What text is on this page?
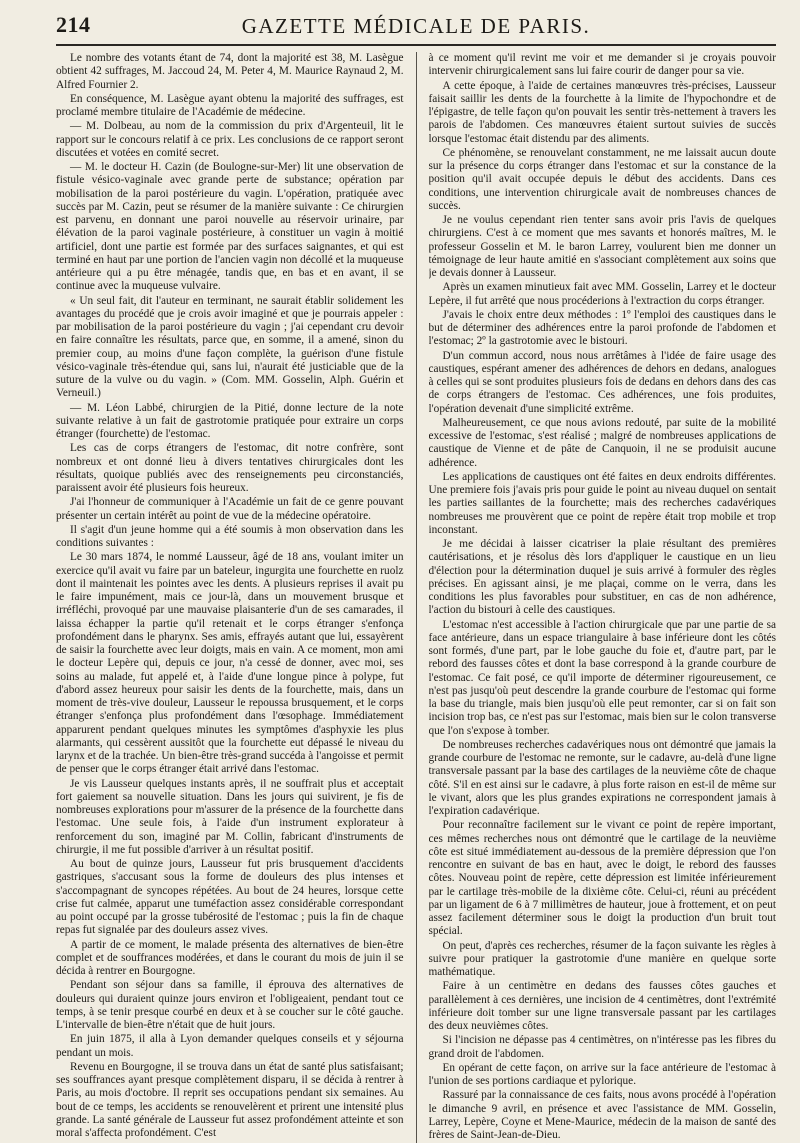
214	GAZETTE MÉDICALE DE PARIS.

Le nombre des votants étant de 74, dont la majorité est 38, M. Lasègue obtient 42 suffrages, M. Jaccoud 24, M. Peter 4, M. Maurice Raynaud 2, M. Alfred Fournier 2.

En conséquence, M. Lasègue ayant obtenu la majorité des suffrages, est proclamé membre titulaire de l'Académie de médecine.

— M. Dolbeau, au nom de la commission du prix d'Argenteuil, lit le rapport sur le concours relatif à ce prix. Les conclusions de ce rapport seront discutées et votées en comité secret.

— M. le docteur H. Cazin (de Boulogne-sur-Mer) lit une observation de fistule vésico-vaginale avec grande perte de substance; opération par mobilisation de la paroi postérieure du vagin. L'opération, pratiquée avec succès par M. Cazin, peut se résumer de la manière suivante : Ce chirurgien est parvenu, en donnant une paroi nouvelle au réservoir urinaire, par élévation de la paroi vaginale postérieure, à constituer un vagin à moitié artificiel, dont une partie est formée par des surfaces saignantes, et qui est terminé en haut par une portion de l'ancien vagin non décollé et la muqueuse antérieure qui a pu être ménagée, tandis que, en bas et en avant, il se continue avec la muqueuse vulvaire.

« Un seul fait, dit l'auteur en terminant, ne saurait établir solidement les avantages du procédé que je crois avoir imaginé et que je pourrais appeler : par mobilisation de la paroi postérieure du vagin ; j'ai cependant cru devoir en faire connaître les résultats, parce que, en somme, il a amené, sinon du premier coup, au moins d'une façon complète, la guérison d'une fistule vésico-vaginale très-étendue qui, sans lui, n'aurait été justiciable que de la suture de la vulve ou du vagin. » (Com. MM. Gosselin, Alph. Guérin et Verneuil.)

— M. Léon Labbé, chirurgien de la Pitié, donne lecture de la note suivante relative à un fait de gastrotomie pratiquée pour extraire un corps étranger (fourchette) de l'estomac.

Les cas de corps étrangers de l'estomac, dit notre confrère, sont nombreux et ont donné lieu à divers tentatives chirurgicales dont les résultats, quoique publiés avec des renseignements peu circonstanciés, paraissent avoir été plusieurs fois heureux.

J'ai l'honneur de communiquer à l'Académie un fait de ce genre pouvant présenter un certain intérêt au point de vue de la médecine opératoire.

Il s'agit d'un jeune homme qui a été soumis à mon observation dans les conditions suivantes :

Le 30 mars 1874, le nommé Lausseur, âgé de 18 ans, voulant imiter un exercice qu'il avait vu faire par un bateleur, ingurgita une fourchette en ruolz dont il maintenait les pointes avec les dents. A plusieurs reprises il avait pu le faire impunément, mais ce jour-là, dans un mouvement brusque et irréfléchi, provoqué par une mauvaise plaisanterie d'un de ses camarades, il laissa échapper la partie qu'il retenait et le corps étranger s'enfonça profondément dans le pharynx. Ses amis, effrayés autant que lui, essayèrent de saisir la fourchette avec leur doigts, mais en vain. A ce moment, mon ami le docteur Lepère qui, depuis ce jour, n'a cessé de donner, avec moi, ses soins au malade, fut appelé et, à l'aide d'une longue pince à polype, fut d'abord assez heureux pour saisir les dents de la fourchette, mais, dans un moment de très-vive douleur, Lausseur le repoussa brusquement, et le corps étranger s'enfonça plus profondément dans l'œsophage. Immédiatement apparurent pendant quelques minutes les symptômes d'asphyxie les plus alarmants, qui cessèrent aussitôt que la fourchette eut dépassé le niveau du larynx et de la trachée. Un bien-être très-grand succéda à l'angoisse et permit de penser que le corps étranger était arrivé dans l'estomac.

Je vis Lausseur quelques instants après, il ne souffrait plus et acceptait fort gaiement sa nouvelle situation. Dans les jours qui suivirent, je fis de nombreuses explorations pour m'assurer de la présence de la fourchette dans l'estomac. Une seule fois, à l'aide d'un instrument explorateur à renforcement du son, imaginé par M. Collin, fabricant d'instruments de chirurgie, il me fut possible d'arriver à un résultat positif.

Au bout de quinze jours, Lausseur fut pris brusquement d'accidents gastriques, s'accusant sous la forme de douleurs des plus intenses et s'accompagnant de syncopes répétées. Au bout de 24 heures, lorsque cette crise fut calmée, apparut une tuméfaction assez considérable correspondant au point occupé par la grosse tubérosité de l'estomac ; puis la fin de chaque repas fut signalée par des douleurs assez vives.

A partir de ce moment, le malade présenta des alternatives de bien-être complet et de souffrances modérées, et dans le courant du mois de juin il se décida à rentrer en Bourgogne.

Pendant son séjour dans sa famille, il éprouva des alternatives de douleurs qui duraient quinze jours environ et l'obligeaient, pendant tout ce temps, à se tenir presque courbé en deux et à se coucher sur le côté gauche. L'intervalle de bien-être n'était que de huit jours.

En juin 1875, il alla à Lyon demander quelques conseils et y séjourna pendant un mois.

Revenu en Bourgogne, il se trouva dans un état de santé plus satisfaisant; ses souffrances ayant presque complètement disparu, il se décida à rentrer à Paris, au mois d'octobre. Il reprit ses occupations pendant six semaines. Au bout de ce temps, les accidents se renouvelèrent et prirent une intensité plus grande. La santé générale de Lausseur fut assez profondément atteinte et son moral s'affecta profondément. C'est

à ce moment qu'il revint me voir et me demander si je croyais pouvoir intervenir chirurgicalement sans lui faire courir de danger pour sa vie.

A cette époque, à l'aide de certaines manœuvres très-précises, Lausseur faisait saillir les dents de la fourchette à la limite de l'hypochondre et de l'épigastre, de telle façon qu'on pouvait les sentir très-nettement à travers les parois de l'abdomen. Ces manœuvres étaient surtout suivies de succès lorsque l'estomac était distendu par des aliments.

Ce phénomène, se renouvelant constamment, ne me laissait aucun doute sur la présence du corps étranger dans l'estomac et sur la constance de la position qu'il avait occupée depuis le début des accidents. Dans ces conditions, une intervention chirurgicale avait de nombreuses chances de succès.

Je ne voulus cependant rien tenter sans avoir pris l'avis de quelques chirurgiens. C'est à ce moment que mes savants et honorés maîtres, M. le professeur Gosselin et M. le baron Larrey, voulurent bien me donner un témoignage de leur haute amitié en s'associant complètement aux soins que je devais donner à Lausseur.

Après un examen minutieux fait avec MM. Gosselin, Larrey et le docteur Lepère, il fut arrêté que nous procéderions à l'extraction du corps étranger.

J'avais le choix entre deux méthodes : 1º l'emploi des caustiques dans le but de déterminer des adhérences entre la paroi profonde de l'abdomen et l'estomac; 2º la gastrotomie avec le bistouri.

D'un commun accord, nous nous arrêtâmes à l'idée de faire usage des caustiques, espérant amener des adhérences de dehors en dedans, analogues à celles qui se sont produites plusieurs fois de dedans en dehors dans des cas de corps étrangers de l'estomac. Ces adhérences, une fois produites, l'opération devenait d'une simplicité extrême.

Malheureusement, ce que nous avions redouté, par suite de la mobilité excessive de l'estomac, s'est réalisé ; malgré de nombreuses applications de caustique de Vienne et de pâte de Canquoin, il ne se produisit aucune adhérence.

Les applications de caustiques ont été faites en deux endroits différentes. Une premiere fois j'avais pris pour guide le point au niveau duquel on sentait les parties saillantes de la fourchette; mais des recherches cadavériques nombreuses me prouvèrent que ce point de repère était trop mobile et trop inconstant.

Je me décidai à laisser cicatriser la plaie résultant des premières cautérisations, et je résolus dès lors d'appliquer le caustique en un lieu d'élection pour la détermination duquel je suis arrivé à formuler des règles précises. En agissant ainsi, je me plaçai, comme on le verra, dans les conditions les plus favorables pour substituer, en cas de non adhérence, l'action du bistouri à celle des caustiques.

L'estomac n'est accessible à l'action chirurgicale que par une partie de sa face antérieure, dans un espace triangulaire à base inférieure dont les côtés sont formés, d'une part, par le lobe gauche du foie et, d'autre part, par le rebord des fausses côtes et dont la base correspond à la grande courbure de l'estomac. Ce fait posé, ce qu'il importe de déterminer rigoureusement, ce n'est pas jusqu'où peut descendre la grande courbure de l'estomac qui forme la base du triangle, mais bien jusqu'où elle peut remonter, car si on fait son incision trop bas, ce n'est pas sur l'estomac, mais bien sur le colon transverse que l'on s'expose à tomber.

De nombreuses recherches cadavériques nous ont démontré que jamais la grande courbure de l'estomac ne remonte, sur le cadavre, au-delà d'une ligne transversale passant par la base des cartilages de la neuvième côte de chaque côté. S'il en est ainsi sur le cadavre, à plus forte raison en est-il de même sur le vivant, alors que les plus grandes expirations ne correspondent jamais à l'expiration cadavérique.

Pour reconnaître facilement sur le vivant ce point de repère important, ces mêmes recherches nous ont démontré que le cartilage de la neuvième côte est situé immédiatement au-dessous de la première dépression que l'on rencontre en suivant de bas en haut, avec le doigt, le rebord des fausses côtes. Nouveau point de repère, cette dépression est limitée inférieurement par le cartilage très-mobile de la dixième côte. Celui-ci, réuni au précédent par un ligament de 6 à 7 millimètres de hauteur, joue à frottement, et on peut assez facilement déterminer sous le doigt la production d'un bruit tout spécial.

On peut, d'après ces recherches, résumer de la façon suivante les règles à suivre pour pratiquer la gastrotomie d'une manière en quelque sorte mathématique.

Faire à un centimètre en dedans des fausses côtes gauches et parallèlement à ces dernières, une incision de 4 centimètres, dont l'extrémité inférieure doit tomber sur une ligne transversale passant par les cartilages des deux neuvièmes côtes.

Si l'incision ne dépasse pas 4 centimètres, on n'intéresse pas les fibres du grand droit de l'abdomen.

En opérant de cette façon, on arrive sur la face antérieure de l'estomac à l'union de ses portions cardiaque et pylorique.

Rassuré par la connaissance de ces faits, nous avons procédé à l'opération le dimanche 9 avril, en présence et avec l'assistance de MM. Gosselin, Larrey, Lepère, Coyne et Mene-Maurice, médecin de la maison de santé des frères de Saint-Jean-de-Dieu.
